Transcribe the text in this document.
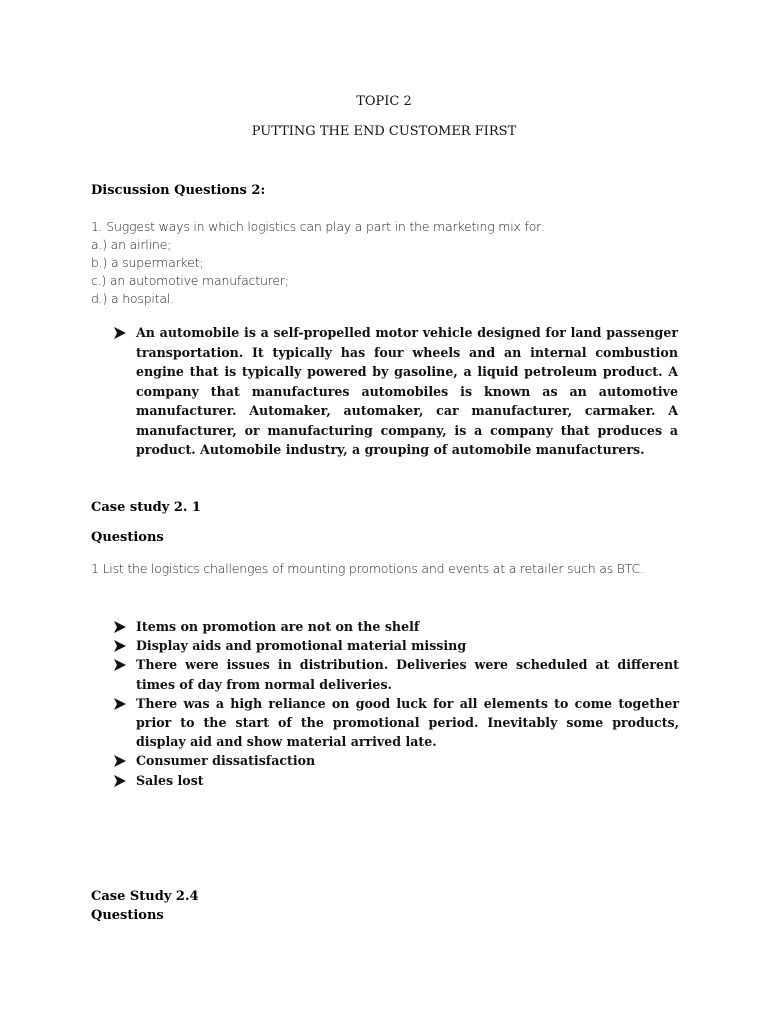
TOPIC 2
PUTTING THE END CUSTOMER FIRST
Discussion Questions 2:
1. Suggest ways in which logistics can play a part in the marketing mix for:
a.) an airline;
b.) a supermarket;
c.) an automotive manufacturer;
d.) a hospital.
An automobile is a self-propelled motor vehicle designed for land passenger transportation. It typically has four wheels and an internal combustion engine that is typically powered by gasoline, a liquid petroleum product. A company that manufactures automobiles is known as an automotive manufacturer. Automaker, automaker, car manufacturer, carmaker. A manufacturer, or manufacturing company, is a company that produces a product. Automobile industry, a grouping of automobile manufacturers.
Case study 2. 1
Questions
1 List the logistics challenges of mounting promotions and events at a retailer such as BTC.
Items on promotion are not on the shelf
Display aids and promotional material missing
There were issues in distribution. Deliveries were scheduled at different times of day from normal deliveries.
There was a high reliance on good luck for all elements to come together prior to the start of the promotional period. Inevitably some products, display aid and show material arrived late.
Consumer dissatisfaction
Sales lost
Case Study 2.4
Questions
